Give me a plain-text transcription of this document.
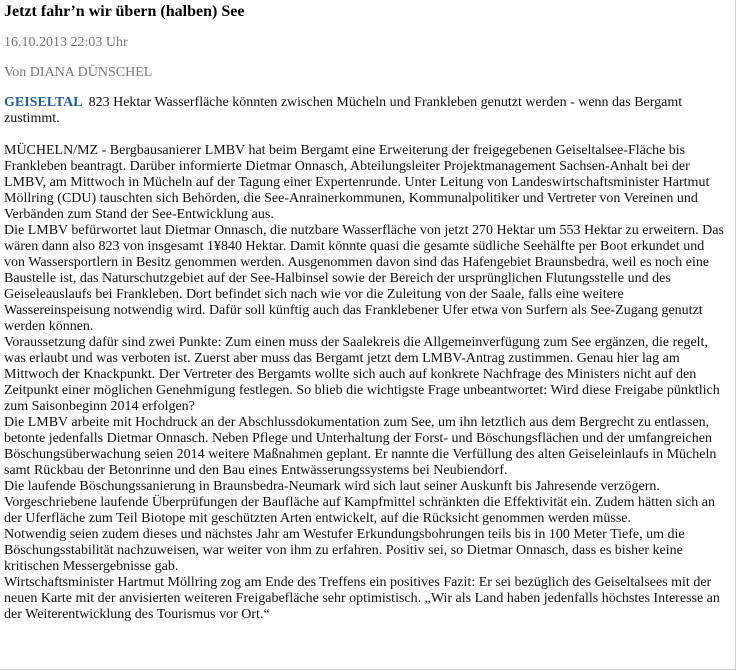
Jetzt fahr’n wir übern (halben) See

16.10.2013 22:03 Uhr

Von DIANA DÜNSCHEL

GEISELTAL 823 Hektar Wasserfläche könnten zwischen Mücheln und Frankleben genutzt werden - wenn das Bergamt zustimmt.

MÜCHELN/MZ - Bergbausanierer LMBV hat beim Bergamt eine Erweiterung der freigegebenen Geiseltalsee-Fläche bis Frankleben beantragt. Darüber informierte Dietmar Onnasch, Abteilungsleiter Projektmanagement Sachsen-Anhalt bei der LMBV, am Mittwoch in Mücheln auf der Tagung einer Expertenrunde. Unter Leitung von Landeswirtschaftsminister Hartmut Möllring (CDU) tauschten sich Behörden, die See-Anrainerkommunen, Kommunalpolitiker und Vertreter von Vereinen und Verbänden zum Stand der See-Entwicklung aus.

Die LMBV befürwortet laut Dietmar Onnasch, die nutzbare Wasserfläche von jetzt 270 Hektar um 553 Hektar zu erweitern. Das wären dann also 823 von insgesamt 1¥840 Hektar. Damit könnte quasi die gesamte südliche Seehälfte per Boot erkundet und von Wassersportlern in Besitz genommen werden. Ausgenommen davon sind das Hafengebiet Braunsbedra, weil es noch eine Baustelle ist, das Naturschutzgebiet auf der See-Halbinsel sowie der Bereich der ursprünglichen Flutungsstelle und des Geiseleauslaufs bei Frankleben. Dort befindet sich nach wie vor die Zuleitung von der Saale, falls eine weitere Wassereinspeisung notwendig wird. Dafür soll künftig auch das Franklebener Ufer etwa von Surfern als See-Zugang genutzt werden können.

Voraussetzung dafür sind zwei Punkte: Zum einen muss der Saalekreis die Allgemeinverfügung zum See ergänzen, die regelt, was erlaubt und was verboten ist. Zuerst aber muss das Bergamt jetzt dem LMBV-Antrag zustimmen. Genau hier lag am Mittwoch der Knackpunkt. Der Vertreter des Bergamts wollte sich auch auf konkrete Nachfrage des Ministers nicht auf den Zeitpunkt einer möglichen Genehmigung festlegen. So blieb die wichtigste Frage unbeantwortet: Wird diese Freigabe pünktlich zum Saisonbeginn 2014 erfolgen?

Die LMBV arbeite mit Hochdruck an der Abschlussdokumentation zum See, um ihn letztlich aus dem Bergrecht zu entlassen, betonte jedenfalls Dietmar Onnasch. Neben Pflege und Unterhaltung der Forst- und Böschungsflächen und der umfangreichen Böschungsüberwachung seien 2014 weitere Maßnahmen geplant. Er nannte die Verfüllung des alten Geiseleinlaufs in Mücheln samt Rückbau der Betonrinne und den Bau eines Entwässerungssystems bei Neubiendorf.

Die laufende Böschungssanierung in Braunsbedra-Neumark wird sich laut seiner Auskunft bis Jahresende verzögern. Vorgeschriebene laufende Überprüfungen der Baufläche auf Kampfmittel schränkten die Effektivität ein. Zudem hätten sich an der Uferfläche zum Teil Biotope mit geschützten Arten entwickelt, auf die Rücksicht genommen werden müsse.

Notwendig seien zudem dieses und nächstes Jahr am Westufer Erkundungsbohrungen teils bis in 100 Meter Tiefe, um die Böschungsstabilität nachzuweisen, war weiter von ihm zu erfahren. Positiv sei, so Dietmar Onnasch, dass es bisher keine kritischen Messergebnisse gab.

Wirtschaftsminister Hartmut Möllring zog am Ende des Treffens ein positives Fazit: Er sei bezüglich des Geiseltalsees mit der neuen Karte mit der anvisierten weiteren Freigabefläche sehr optimistisch. „Wir als Land haben jedenfalls höchstes Interesse an der Weiterentwicklung des Tourismus vor Ort.“
